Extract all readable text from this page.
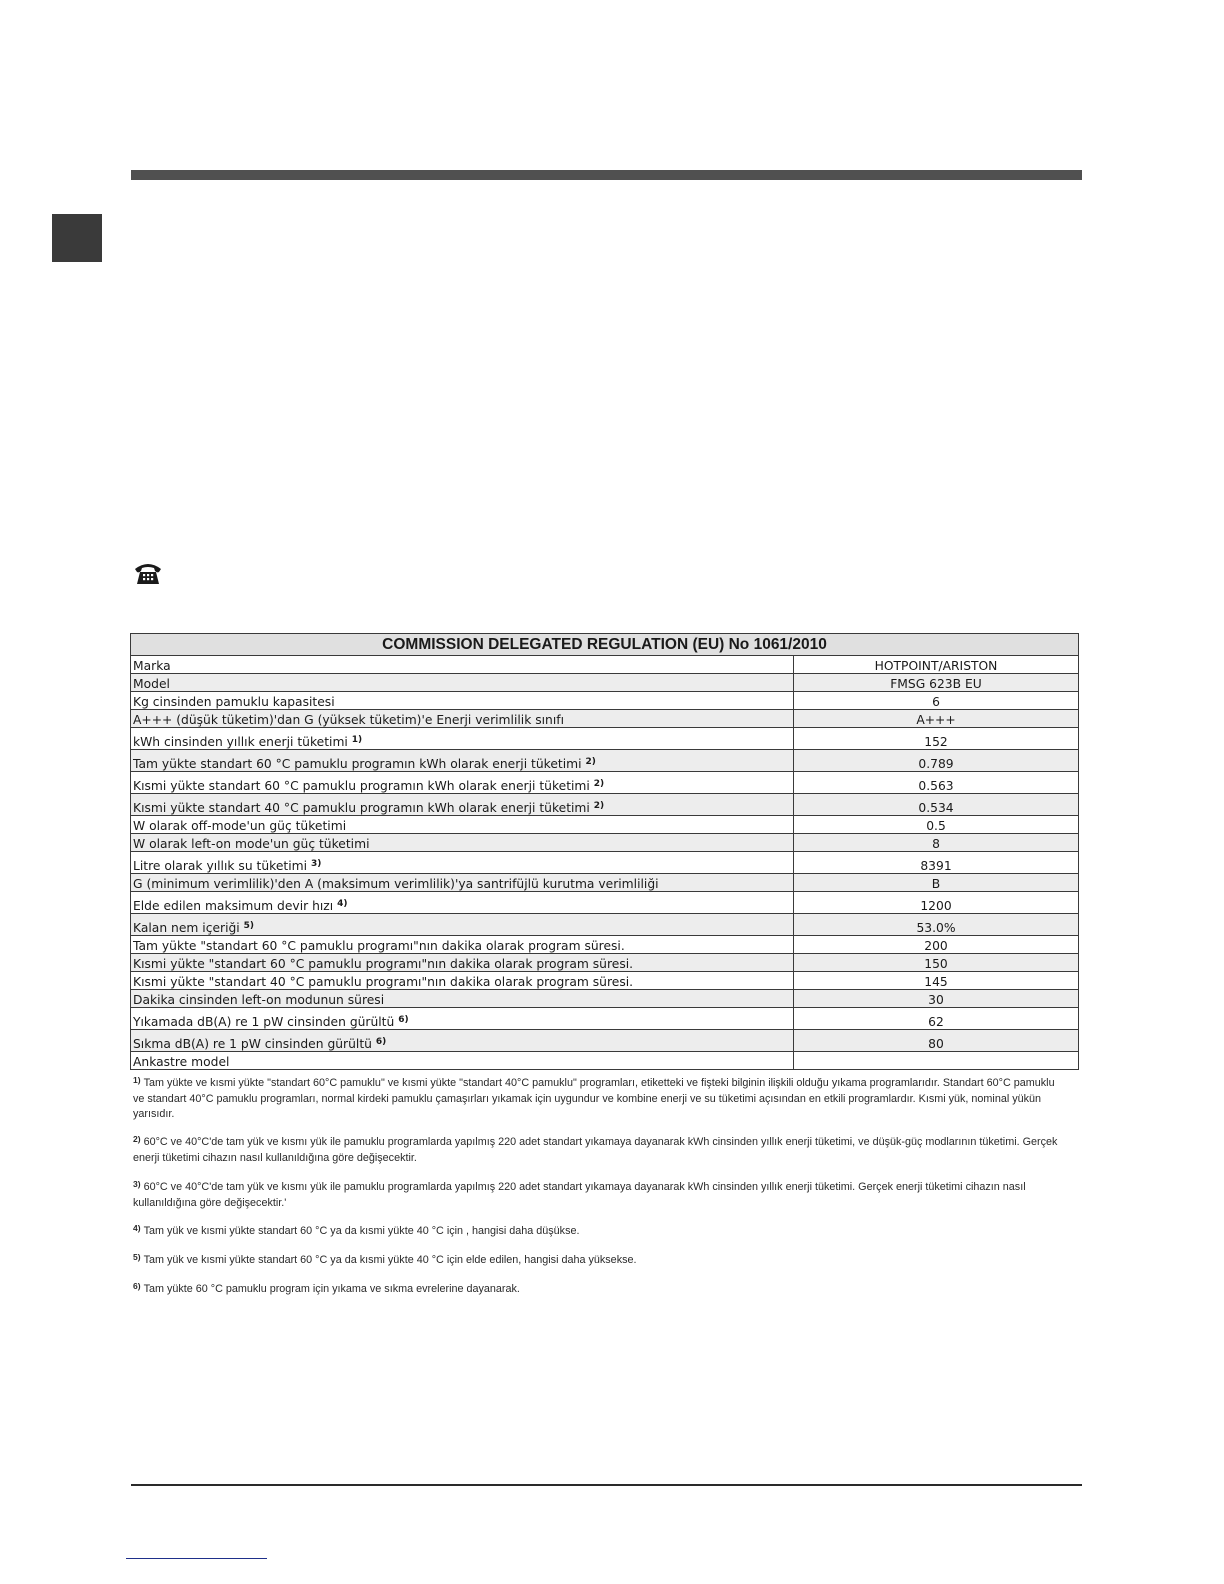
COMMISSION DELEGATED REGULATION (EU) No 1061/2010	
Marka	HOTPOINT/ARISTON
Model	FMSG 623B EU
Kg cinsinden pamuklu kapasitesi	6
A+++ (düşük tüketim)'dan G (yüksek tüketim)'e Enerji verimlilik sınıfı	A+++
kWh cinsinden yıllık enerji tüketimi $^{1)}$	152
Tam yükte standart 60 °C pamuklu programın kWh olarak enerji tüketimi $^{2)}$	0.789
Kısmi yükte standart 60 °C pamuklu programın kWh olarak enerji tüketimi $^{2)}$	0.563
Kısmi yükte standart 40 °C pamuklu programın kWh olarak enerji tüketimi $^{2)}$	0.534
W olarak off-mode'un güç tüketimi	0.5
W olarak left-on mode'un güç tüketimi	8
Litre olarak yıllık su tüketimi $^{3)}$	8391
G (minimum verimlilik)'den A (maksimum verimlilik)'ya santrifüjlü kurutma verimliliği	B
Elde edilen maksimum devir hızı $^{4)}$	1200
Kalan nem içeriği $^{5)}$	53.0%
Tam yükte "standart 60 °C pamuklu programı"nın dakika olarak program süresi.	200
Kısmi yükte "standart 60 °C pamuklu programı"nın dakika olarak program süresi.	150
Kısmi yükte "standart 40 °C pamuklu programı"nın dakika olarak program süresi.	145
Dakika cinsinden left-on modunun süresi	30
Yıkamada dB(A) re 1 pW cinsinden gürültü $^{6)}$	62
Sıkma dB(A) re 1 pW cinsinden gürültü $^{6)}$	80
Ankastre model	

$^{1)}$ Tam yükte ve kısmi yükte "standart 60°C pamuklu" ve kısmi yükte "standart 40°C pamuklu" programları, etiketteki ve fişteki bilginin ilişkili olduğu yıkama programlarıdır. Standart 60°C pamuklu ve standart 40°C pamuklu programları, normal kirdeki pamuklu çamaşırları yıkamak için uygundur ve kombine enerji ve su tüketimi açısından en etkili programlardır. Kısmi yük, nominal yükün yarısıdır.

$^{2)}$ 60°C ve 40°C'de tam yük ve kısmı yük ile pamuklu programlarda yapılmış 220 adet standart yıkamaya dayanarak kWh cinsinden yıllık enerji tüketimi, ve düşük-güç modlarının tüketimi. Gerçek enerji tüketimi cihazın nasıl kullanıldığına göre değişecektir.

$^{3)}$ 60°C ve 40°C'de tam yük ve kısmı yük ile pamuklu programlarda yapılmış 220 adet standart yıkamaya dayanarak kWh cinsinden yıllık enerji tüketimi. Gerçek enerji tüketimi cihazın nasıl kullanıldığına göre değişecektir.'

$^{4)}$ Tam yük ve kısmi yükte standart 60 °C ya da kısmi yükte 40 °C için , hangisi daha düşükse.

$^{5)}$ Tam yük ve kısmi yükte standart 60 °C ya da kısmi yükte 40 °C için elde edilen, hangisi daha yüksekse.

$^{6)}$ Tam yükte 60 °C pamuklu program için yıkama ve sıkma evrelerine dayanarak.
